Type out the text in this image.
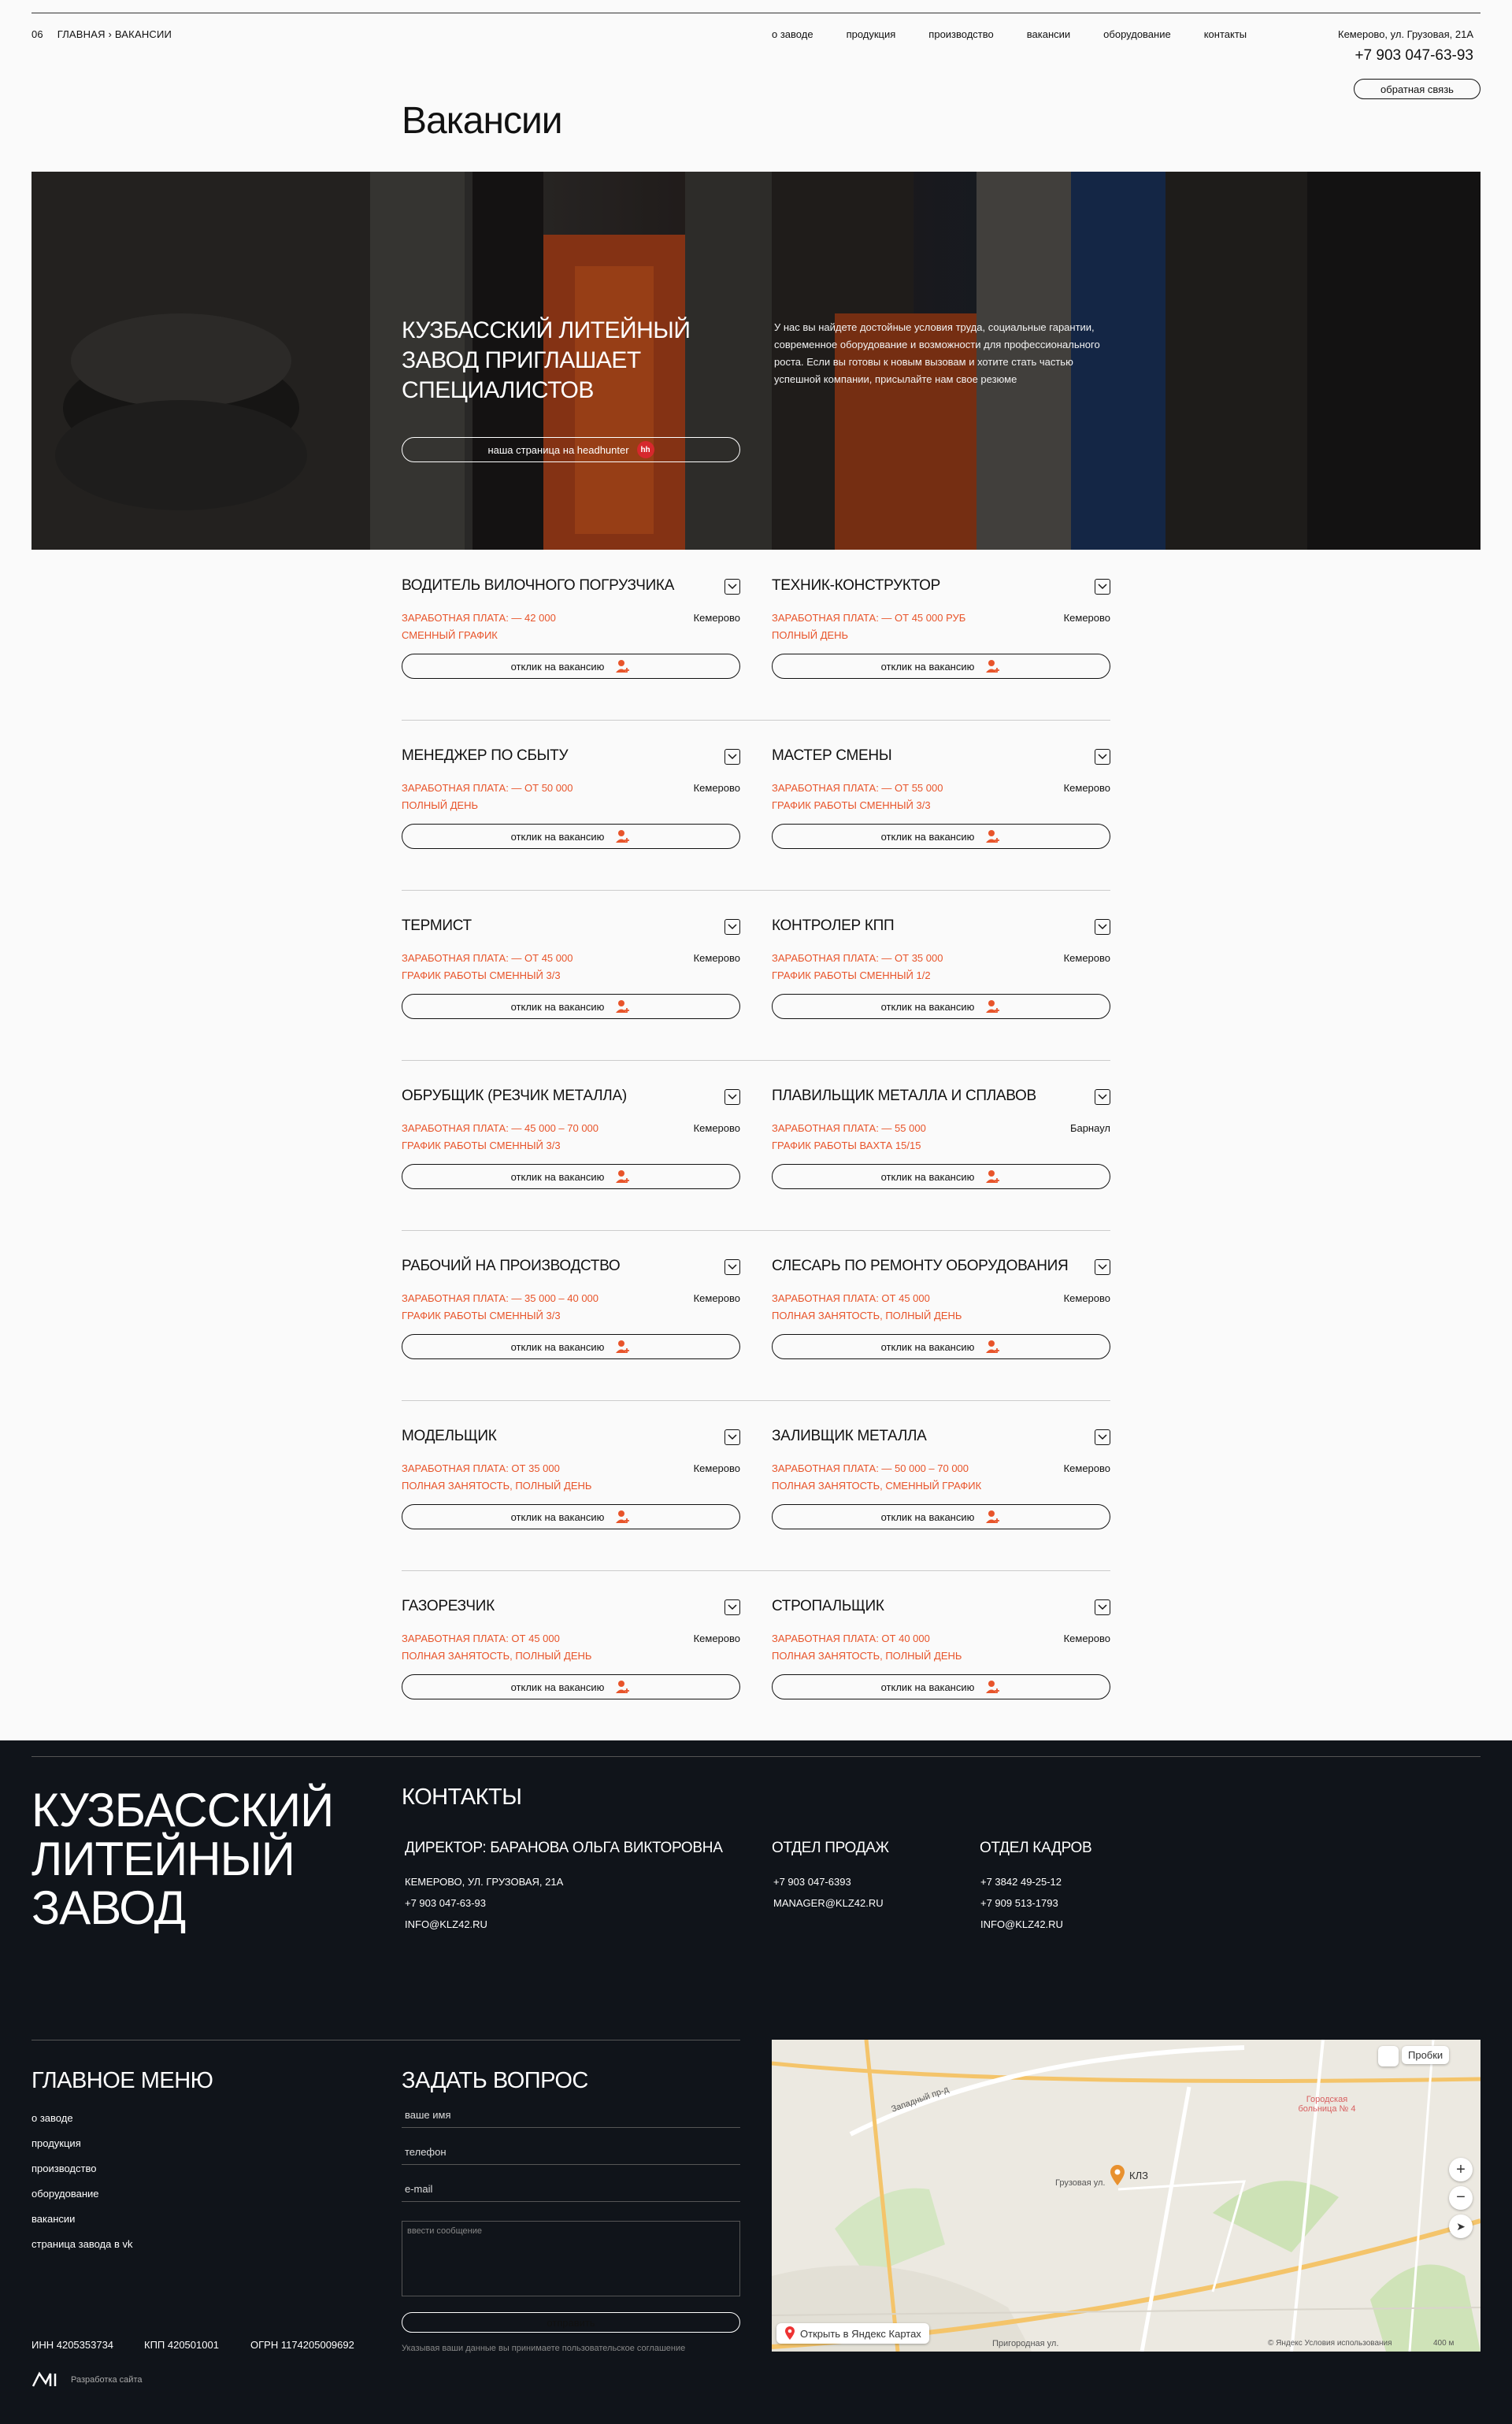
06 ГЛАВНАЯ › ВАКАНСИИ	о заводе	продукция	производство	вакансии	оборудование	контакты	Кемерово, ул. Грузовая, 21А
+7 903 047-63-93
обратная связь
Вакансии
КУЗБАССКИЙ ЛИТЕЙНЫЙ ЗАВОД ПРИГЛАШАЕТ СПЕЦИАЛИСТОВ
У нас вы найдете достойные условия труда, социальные гарантии, современное оборудование и возможности для профессионального роста. Если вы готовы к новым вызовам и хотите стать частью успешной компании, присылайте нам свое резюме
наша страница на headhunter	hh
ВОДИТЕЛЬ ВИЛОЧНОГО ПОГРУЗЧИКА
ЗАРАБОТНАЯ ПЛАТА: — 42 000
СМЕННЫЙ ГРАФИК
Кемерово
отклик на вакансию
ТЕХНИК-КОНСТРУКТОР
ЗАРАБОТНАЯ ПЛАТА: — ОТ 45 000 РУБ
ПОЛНЫЙ ДЕНЬ
Кемерово
отклик на вакансию
МЕНЕДЖЕР ПО СБЫТУ
ЗАРАБОТНАЯ ПЛАТА: — ОТ 50 000
ПОЛНЫЙ ДЕНЬ
Кемерово
отклик на вакансию
МАСТЕР СМЕНЫ
ЗАРАБОТНАЯ ПЛАТА: — ОТ 55 000
ГРАФИК РАБОТЫ СМЕННЫЙ 3/3
Кемерово
отклик на вакансию
ТЕРМИСТ
ЗАРАБОТНАЯ ПЛАТА: — ОТ 45 000
ГРАФИК РАБОТЫ СМЕННЫЙ 3/3
Кемерово
отклик на вакансию
КОНТРОЛЕР КПП
ЗАРАБОТНАЯ ПЛАТА: — ОТ 35 000
ГРАФИК РАБОТЫ СМЕННЫЙ 1/2
Кемерово
отклик на вакансию
ОБРУБЩИК (РЕЗЧИК МЕТАЛЛА)
ЗАРАБОТНАЯ ПЛАТА: — 45 000 – 70 000
ГРАФИК РАБОТЫ СМЕННЫЙ 3/3
Кемерово
отклик на вакансию
ПЛАВИЛЬЩИК МЕТАЛЛА И СПЛАВОВ
ЗАРАБОТНАЯ ПЛАТА: — 55 000
ГРАФИК РАБОТЫ ВАХТА 15/15
Барнаул
отклик на вакансию
РАБОЧИЙ НА ПРОИЗВОДСТВО
ЗАРАБОТНАЯ ПЛАТА: — 35 000 – 40 000
ГРАФИК РАБОТЫ СМЕННЫЙ 3/3
Кемерово
отклик на вакансию
СЛЕСАРЬ ПО РЕМОНТУ ОБОРУДОВАНИЯ
ЗАРАБОТНАЯ ПЛАТА: ОТ 45 000
ПОЛНАЯ ЗАНЯТОСТЬ, ПОЛНЫЙ ДЕНЬ
Кемерово
отклик на вакансию
МОДЕЛЬЩИК
ЗАРАБОТНАЯ ПЛАТА: ОТ 35 000
ПОЛНАЯ ЗАНЯТОСТЬ, ПОЛНЫЙ ДЕНЬ
Кемерово
отклик на вакансию
ЗАЛИВЩИК МЕТАЛЛА
ЗАРАБОТНАЯ ПЛАТА: — 50 000 – 70 000
ПОЛНАЯ ЗАНЯТОСТЬ, СМЕННЫЙ ГРАФИК
Кемерово
отклик на вакансию
ГАЗОРЕЗЧИК
ЗАРАБОТНАЯ ПЛАТА: ОТ 45 000
ПОЛНАЯ ЗАНЯТОСТЬ, ПОЛНЫЙ ДЕНЬ
Кемерово
отклик на вакансию
СТРОПАЛЬЩИК
ЗАРАБОТНАЯ ПЛАТА: ОТ 40 000
ПОЛНАЯ ЗАНЯТОСТЬ, ПОЛНЫЙ ДЕНЬ
Кемерово
отклик на вакансию
КУЗБАССКИЙ ЛИТЕЙНЫЙ ЗАВОД
КОНТАКТЫ
ДИРЕКТОР: БАРАНОВА ОЛЬГА ВИКТОРОВНА
КЕМЕРОВО, УЛ. ГРУЗОВАЯ, 21А
+7 903 047-63-93
INFO@KLZ42.RU
ОТДЕЛ ПРОДАЖ
+7 903 047-6393
MANAGER@KLZ42.RU
ОТДЕЛ КАДРОВ
+7 3842 49-25-12
+7 909 513-1793
INFO@KLZ42.RU
ГЛАВНОЕ МЕНЮ
о заводе
продукция
производство
оборудование
вакансии
страница завода в vk
ЗАДАТЬ ВОПРОС
ваше имя
телефон
e-mail
ввести сообщение
отправить
Указывая ваши данные вы принимаете пользовательское соглашение
ИНН 4205353734	КПП 420501001	ОГРН 1174205009692
Разработка сайта
Пробки
+
−
➤
КЛЗ
Городская больница № 4
Западный пр-д
Грузовая ул.
Пригородная ул.
Открыть в Яндекс Картах
© Яндекс Условия использования	400 м
